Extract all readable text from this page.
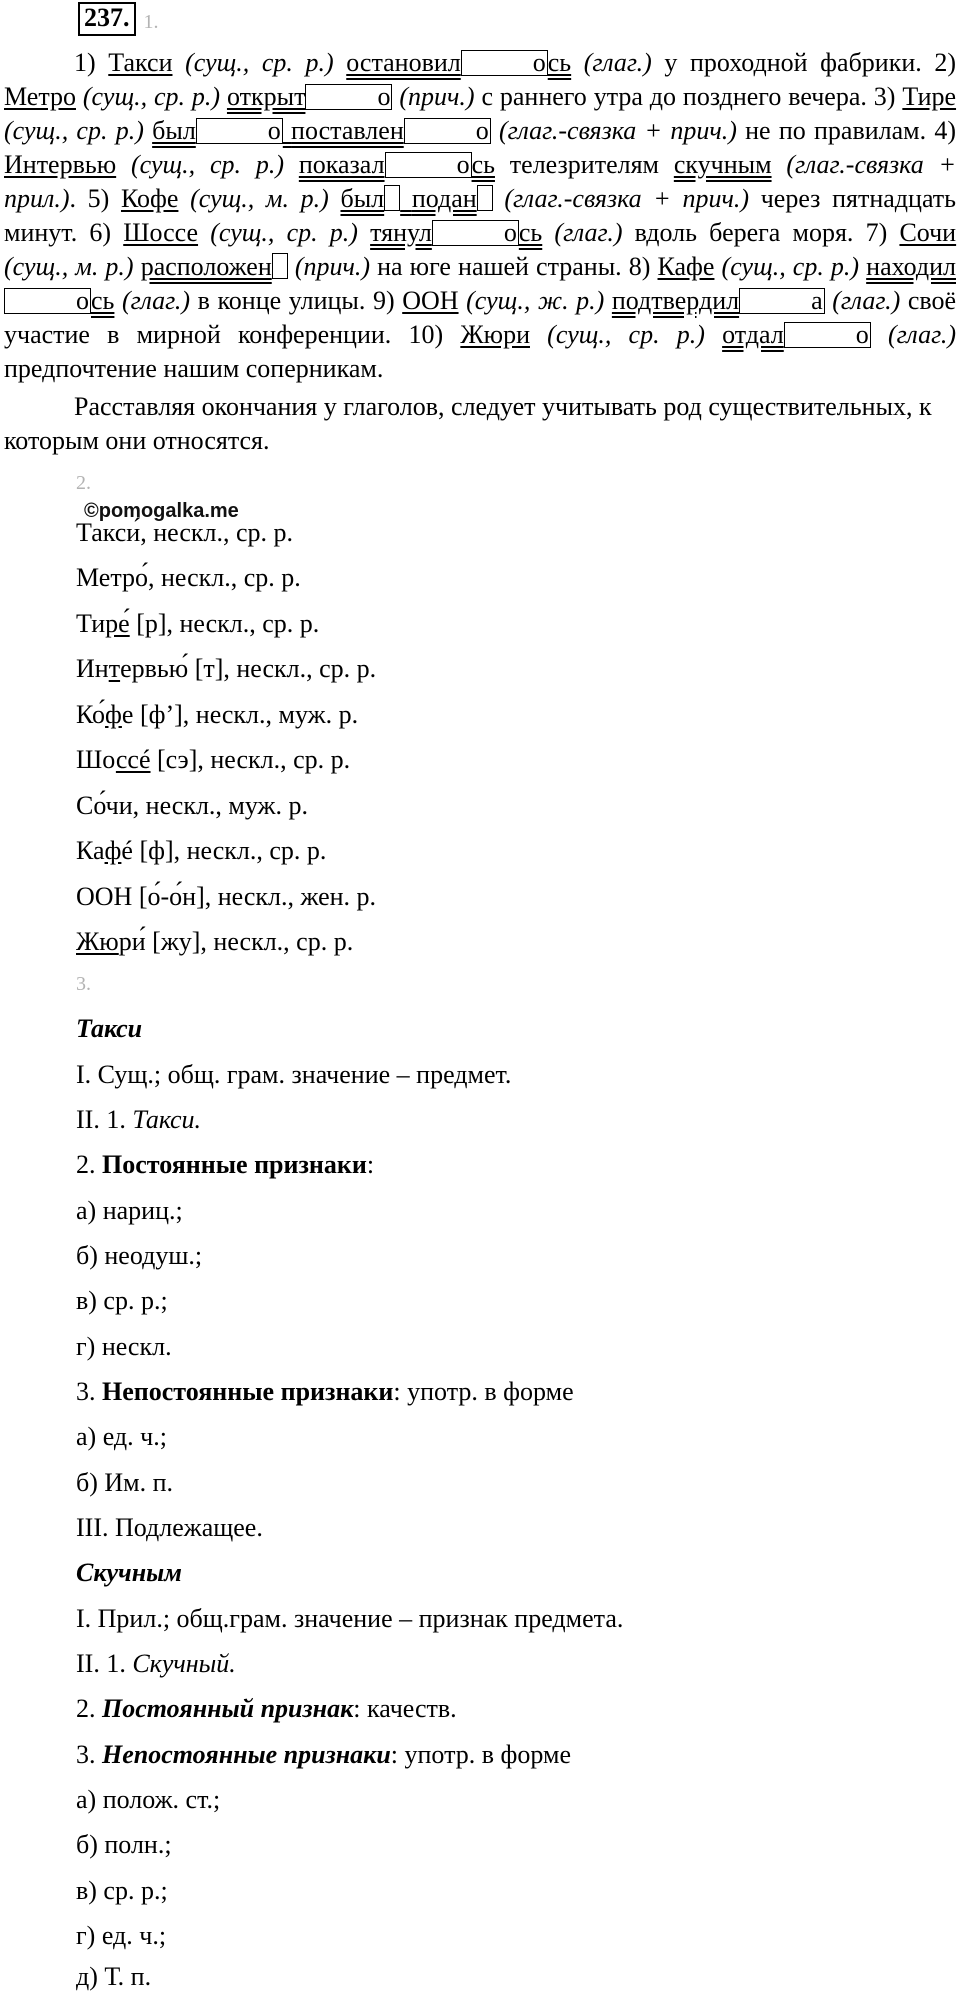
237. 1.

1) Такси (сущ., ср. р.) остановил	ось (глаг.) у проходной фабрики. 2) Метро (сущ., ср. р.) открыт	о (прич.) с раннего утра до позднего вечера. 3) Тире (сущ., ср. р.) был	о поставлен	о (глаг.-связка + прич.) не по правилам. 4) Интервью (сущ., ср. р.) показал	ось телезрителям скучным (глаг.-связка + прил.). 5) Кофе (сущ., м. р.) был подан (глаг.-связка + прич.) через пятнадцать минут. 6) Шоссе (сущ., ср. р.) тянул	ось (глаг.) вдоль берега моря. 7) Сочи (сущ., м. р.) расположен (прич.) на юге нашей страны. 8) Кафе (сущ., ср. р.) находилось (глаг.) в конце улицы. 9) ООН (сущ., ж. р.) подтвердил	а (глаг.) своё участие в мирной конференции. 10) Жюри (сущ., ср. р.) отдал	о (глаг.) предпочтение нашим соперникам.

Расставляя окончания у глаголов, следует учитывать род существительных, к которым они относятся.
2.
©pomogalka.me
Такси́, нескл., ср. р.
Метро́, нескл., ср. р.
Тире́ [р], нескл., ср. р.
Интервью́ [т], нескл., ср. р.
Ко́фе [ф’], нескл., муж. р.
Шоссé [сэ], нескл., ср. р.
Со́чи, нескл., муж. р.
Кафé [ф], нескл., ср. р.
ООН [о́-о́н], нескл., жен. р.
Жюри́ [жу], нескл., ср. р.
3.
Такси
I. Сущ.; общ. грам. значение – предмет.
II. 1. Такси.
2. Постоянные признаки:
а) нариц.;
б) неодуш.;
в) ср. р.;
г) нескл.
3. Непостоянные признаки: употр. в форме
а) ед. ч.;
б) Им. п.
III. Подлежащее.
Скучным
I. Прил.; общ.грам. значение – признак предмета.
II. 1. Скучный.
2. Постоянный признак: качеств.
3. Непостоянные признаки: употр. в форме
а) полож. ст.;
б) полн.;
в) ср. р.;
г) ед. ч.;
д) Т. п.
